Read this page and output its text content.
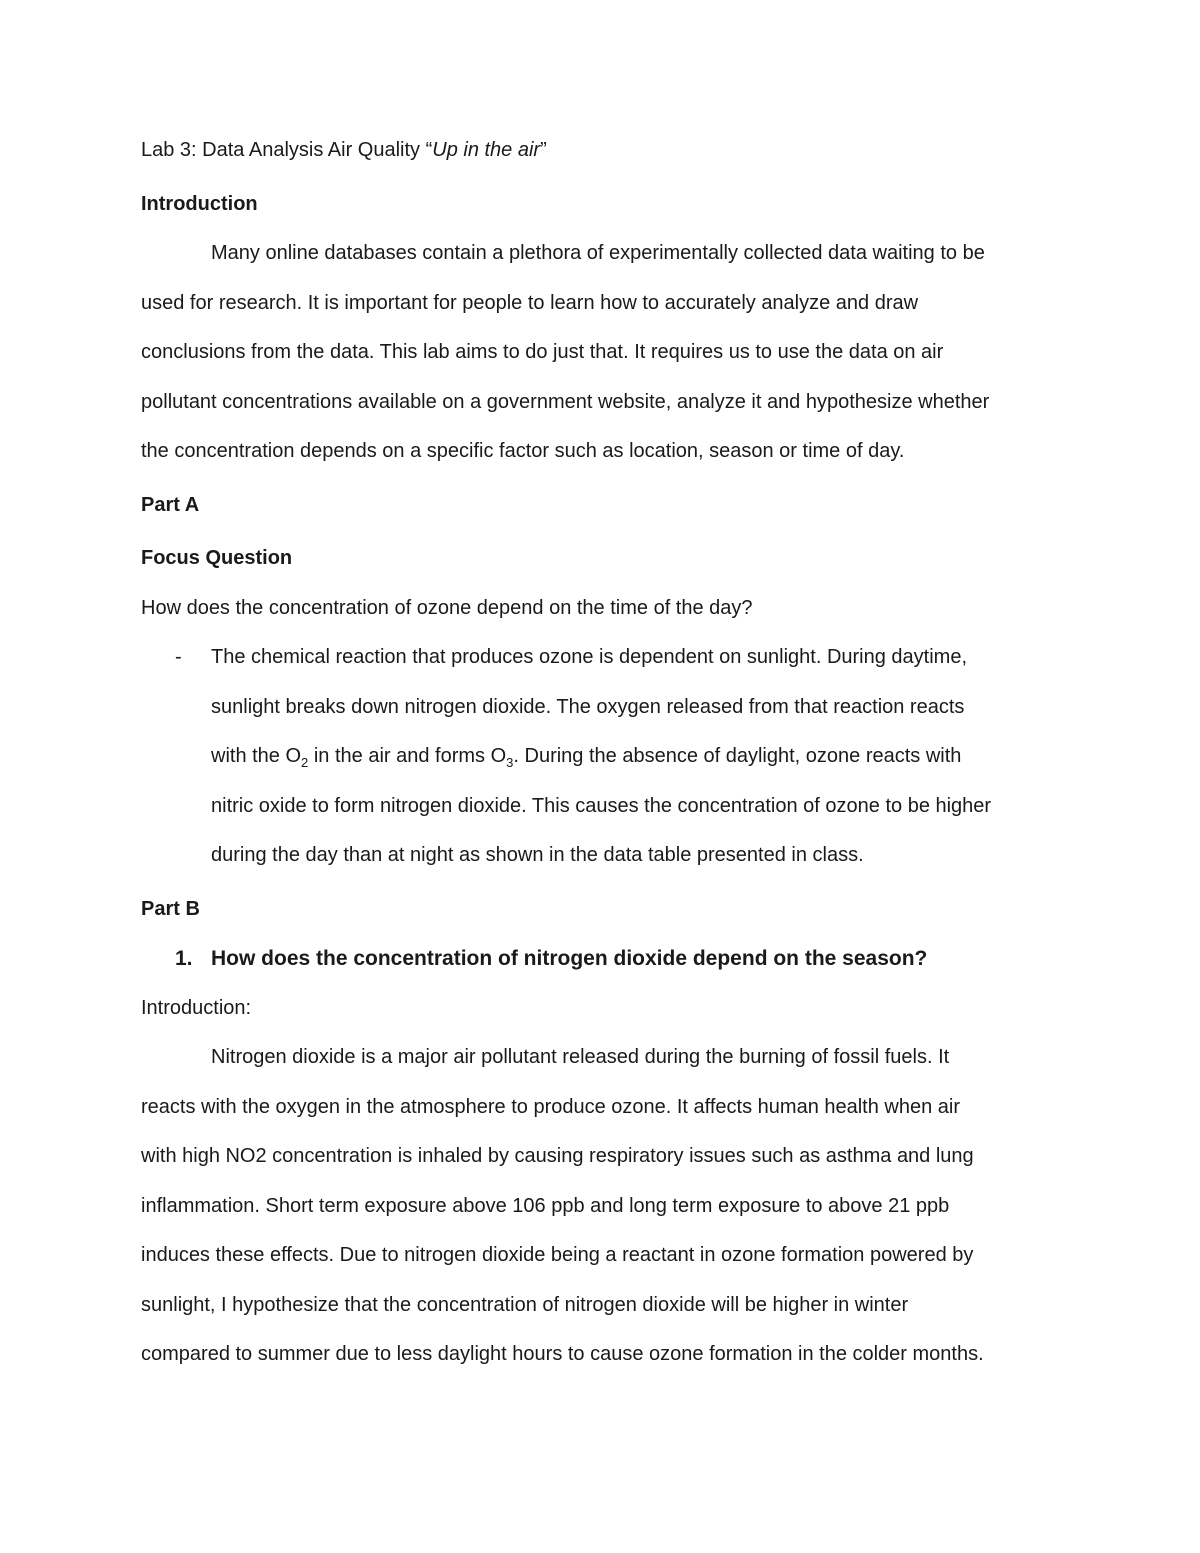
Lab 3: Data Analysis Air Quality “Up in the air”
Introduction
Many online databases contain a plethora of experimentally collected data waiting to be
used for research. It is important for people to learn how to accurately analyze and draw
conclusions from the data. This lab aims to do just that. It requires us to use the data on air
pollutant concentrations available on a government website, analyze it and hypothesize whether
the concentration depends on a specific factor such as location, season or time of day.
Part A
Focus Question
How does the concentration of ozone depend on the time of the day?
-	The chemical reaction that produces ozone is dependent on sunlight. During daytime,
sunlight breaks down nitrogen dioxide. The oxygen released from that reaction reacts
with the $O_2$ in the air and forms $O_3$. During the absence of daylight, ozone reacts with
nitric oxide to form nitrogen dioxide. This causes the concentration of ozone to be higher
during the day than at night as shown in the data table presented in class.
Part B
1. How does the concentration of nitrogen dioxide depend on the season?
Introduction:
Nitrogen dioxide is a major air pollutant released during the burning of fossil fuels. It
reacts with the oxygen in the atmosphere to produce ozone. It affects human health when air
with high NO2 concentration is inhaled by causing respiratory issues such as asthma and lung
inflammation. Short term exposure above 106 ppb and long term exposure to above 21 ppb
induces these effects. Due to nitrogen dioxide being a reactant in ozone formation powered by
sunlight, I hypothesize that the concentration of nitrogen dioxide will be higher in winter
compared to summer due to less daylight hours to cause ozone formation in the colder months.
